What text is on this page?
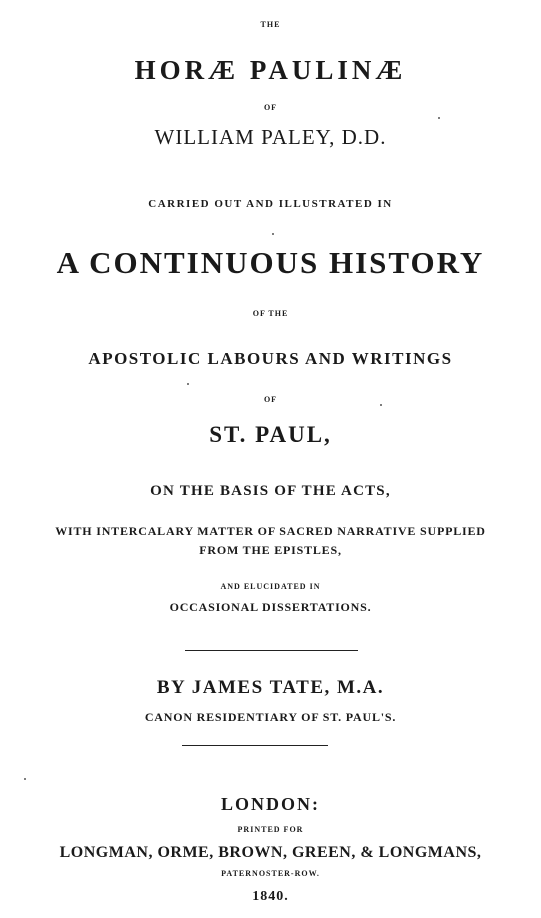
THE
HORÆ PAULINÆ
OF
WILLIAM PALEY, D.D.
CARRIED OUT AND ILLUSTRATED IN
A CONTINUOUS HISTORY
OF THE
APOSTOLIC LABOURS AND WRITINGS
OF
ST. PAUL,
ON THE BASIS OF THE ACTS,
WITH INTERCALARY MATTER OF SACRED NARRATIVE SUPPLIED
FROM THE EPISTLES,
AND ELUCIDATED IN
OCCASIONAL DISSERTATIONS.
BY JAMES TATE, M.A.
CANON RESIDENTIARY OF ST. PAUL'S.
LONDON:
PRINTED FOR
LONGMAN, ORME, BROWN, GREEN, & LONGMANS,
PATERNOSTER-ROW.
1840.
